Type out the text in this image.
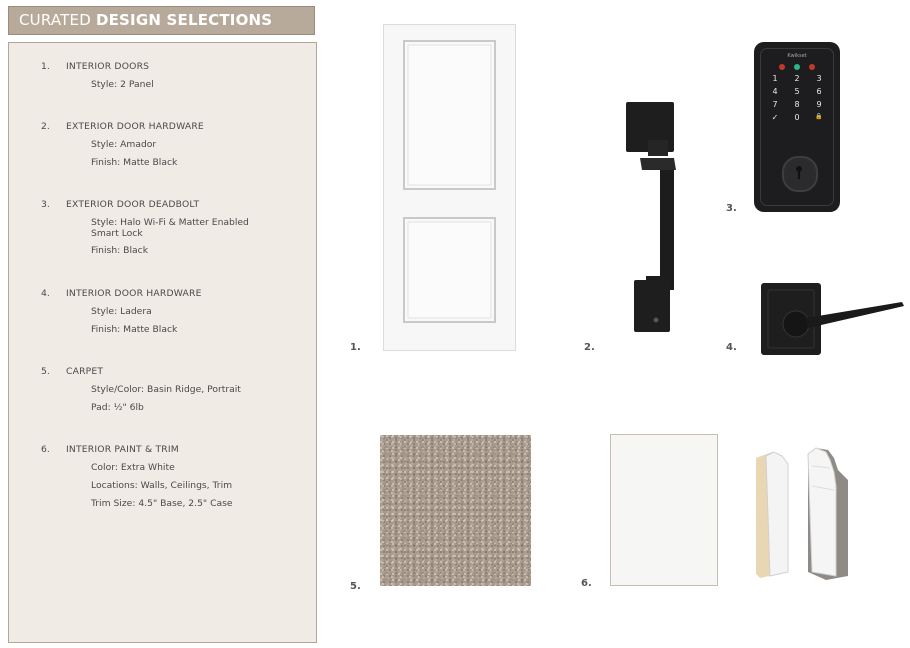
CURATED DESIGN SELECTIONS
1. INTERIOR DOORS
Style: 2 Panel
2. EXTERIOR DOOR HARDWARE
Style: Amador
Finish: Matte Black
3. EXTERIOR DOOR DEADBOLT
Style: Halo Wi-Fi & Matter Enabled Smart Lock
Finish: Black
4. INTERIOR DOOR HARDWARE
Style: Ladera
Finish: Matte Black
5. CARPET
Style/Color: Basin Ridge, Portrait
Pad: ½" 6lb
6. INTERIOR PAINT & TRIM
Color: Extra White
Locations: Walls, Ceilings, Trim
Trim Size: 4.5" Base, 2.5" Case
1.	2.
Kwikset
1	2	3
4	5	6
7	8	9
✓	0	🔒
3.
4.
5.	6.
